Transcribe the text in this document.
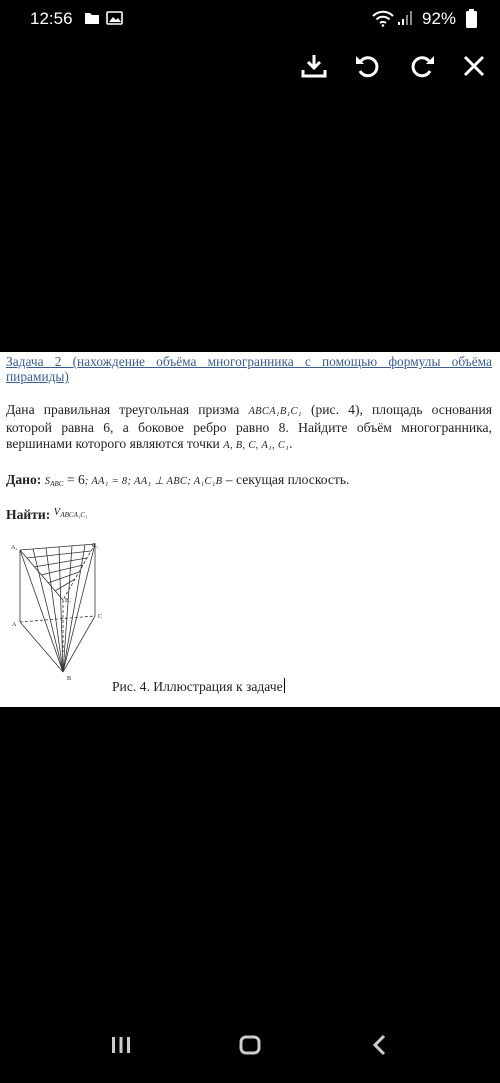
12:56	92%
Задача 2 (нахождение объёма многогранника с помощью формулы объёма пирамиды)

Дана правильная треугольная призма ABCA₁B₁C₁ (рис. 4), площадь основания которой равна 6, а боковое ребро равно 8. Найдите объём многогранника, вершинами которого являются точки A, B, C, A₁, C₁.

Дано: $S_{ABC} = 6$; AA₁ = 8; AA₁ ⊥ ABC; A₁C₁B – секущая плоскость.
Найти: $^{VABCA_1C_1}$
A₁	C₁
B₁
A
C
B	Рис. 4. Иллюстрация к задаче
